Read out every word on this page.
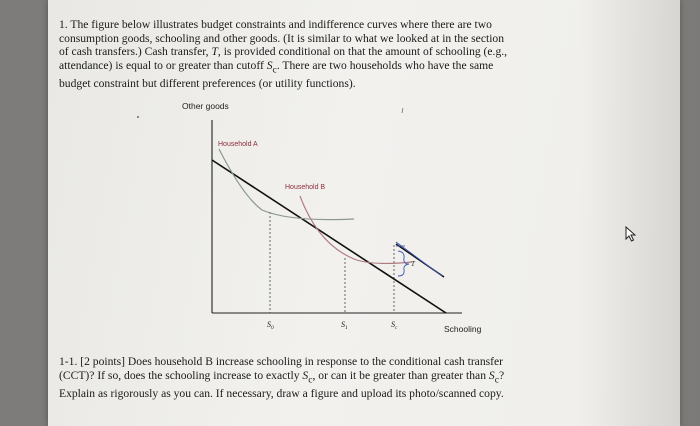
1. The figure below illustrates budget constraints and indifference curves where there are two
consumption goods, schooling and other goods. (It is similar to what we looked at in the section
of cash transfers.) Cash transfer, T, is provided conditional on that the amount of schooling (e.g.,
attendance) is equal to or greater than cutoff $S_c$. There are two households who have the same
budget constraint but different preferences (or utility functions).

Other goods
Schooling
T
Household A
Household B
$S_0$	$S_1$	$S_c$

1-1. [2 points] Does household B increase schooling in response to the conditional cash transfer
(CCT)? If so, does the schooling increase to exactly $S_c$, or can it be greater than greater than $S_c$?
Explain as rigorously as you can. If necessary, draw a figure and upload its photo/scanned copy.
